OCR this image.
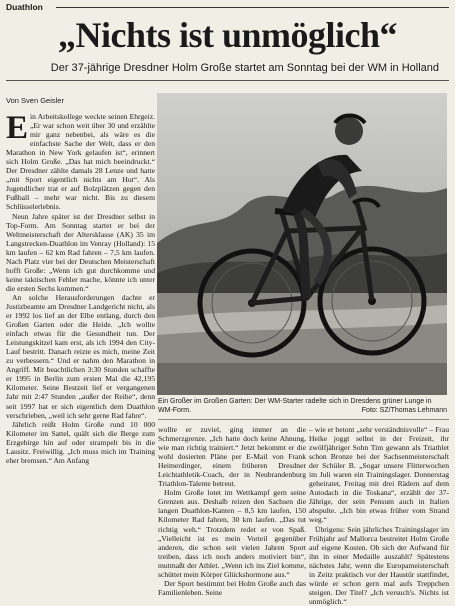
Duathlon
„Nichts ist unmöglich“
Der 37-jährige Dresdner Holm Große startet am Sonntag bei der WM in Holland
Von Sven Geisler
Ein Großer im Großen Garten: Der WM-Starter radelte sich in Dresdens grüner Lunge in WM-Form.	Foto: SZ/Thomas Lehmann

Ein Arbeitskollege weckte seinen Ehrgeiz. „Er war schon weit über 30 und erzählte mir ganz nebenbei, als wäre es die einfachste Sache der Welt, dass er den Marathon in New York gelaufen ist“, erinnert sich Holm Große. „Das hat mich beeindruckt.“ Der Dresdner zählte damals 28 Lenze und hatte „mit Sport eigentlich nichts am Hut“. Als Jugendlicher trat er auf Bolzplätzen gegen den Fußball – mehr war nicht. Bis zu diesem Schlüsselerlebnis.

Neun Jahre später ist der Dresdner selbst in Top-Form. Am Sonntag startet er bei der Weltmeisterschaft der Altersklasse (AK) 35 im Langstrecken-Duathlon im Venray (Holland): 15 km laufen – 62 km Rad fahren – 7,5 km laufen. Nach Platz vier bei der Deutschen Meisterschaft hofft Große: „Wenn ich gut durchkomme und keine taktischen Fehler mache, könnte ich unter die ersten Sechs kommen.“

An solche Herausforderungen dachte er Justizbeamte am Dresdner Landgericht nicht, als er 1992 los lief an der Elbe entlang, durch den Großen Garten oder die Heide. „Ich wollte einfach etwas für die Gesundheit tun. Der Leistungskitzel kam erst, als ich 1994 den City-Lauf bestritt. Danach reizte es mich, meine Zeit zu verbessern.“ Und er nahm den Marathon in Angriff. Mit beachtlichen 3:30 Stunden schaffte er 1995 in Berlin zum ersten Mal die 42,195 Kilometer. Seine Bestzeit lief er vergangenen Jahr mit 2:47 Stunden „außer der Reihe“, denn seit 1997 hat er sich eigentlich dem Duathlon verschrieben, „weil ich sehr gerne Rad fahre“.

Jährlich reißt Holm Große rund 10 000 Kilometer im Sattel, quält sich die Berge zum Erzgebirge hin auf oder strampelt bis in die Lausitz. Freiwillig. „Ich muss mich im Training eher bremsen.“ Am Anfang

wollte er zuviel, ging immer an die Schmerzgrenze. „Ich hatte doch keine Ahnung, wie man richtig trainiert.“ Jetzt bekommt er die wohl dosierten Pläne per E-Mail von Frank Heimerdinger, einem früheren Dresdner Leichtathletik-Coach, der in Neubrandenburg Triathlon-Talente betreut.

Holm Große lotet im Wettkampf gern seine Grenzen aus. Deshalb reizen den Sachsen die langen Duathlon-Kanten – 8,5 km laufen, 150 Kilometer Rad fahren, 30 km laufen. „Das tut richtig weh.“ Trotzdem redet er von Spaß. „Vielleicht ist es mein Vorteil gegenüber anderen, die schon seit vielen Jahren Sport treiben, dass ich noch anders motiviert bin“, mutmaßt der Athlet. „Wenn ich ins Ziel komme, schüttet mein Körper Glückshormone aus.“

Der Sport bestimmt bei Holm Große auch das Familienleben. Seine

– wie er betont „sehr verständnisvolle“ – Frau Heike joggt selbst in der Freizeit, ihr zwölfjähriger Sohn Tim gewann als Triathlet schon Bronze bei der Sachsenmeisterschaft der Schüler B. „Sogar unsere Flitterwochen im Juli waren ein Trainingslager. Donnerstag geheiratet, Freitag mit drei Rädern auf dem Autodach in die Toskana“, erzählt der 37-Jährige, der sein Pensum auch in Italien abspulte. „Ich bin etwas früher vom Strand weg.“

Übrigens: Sein jährliches Trainingslager im Frühjahr auf Mallorca bestreitet Holm Große auf eigene Kosten. Ob sich der Aufwand für ihn in einer Medaille auszahlt? Spätestens nächstes Jahr, wenn die Europameisterschaft in Zeitz praktisch vor der Haustür stattfindet, würde er schon gern mal aufs Treppchen steigen. Der Titel? „Ich versuch's. Nichts ist unmöglich.“
